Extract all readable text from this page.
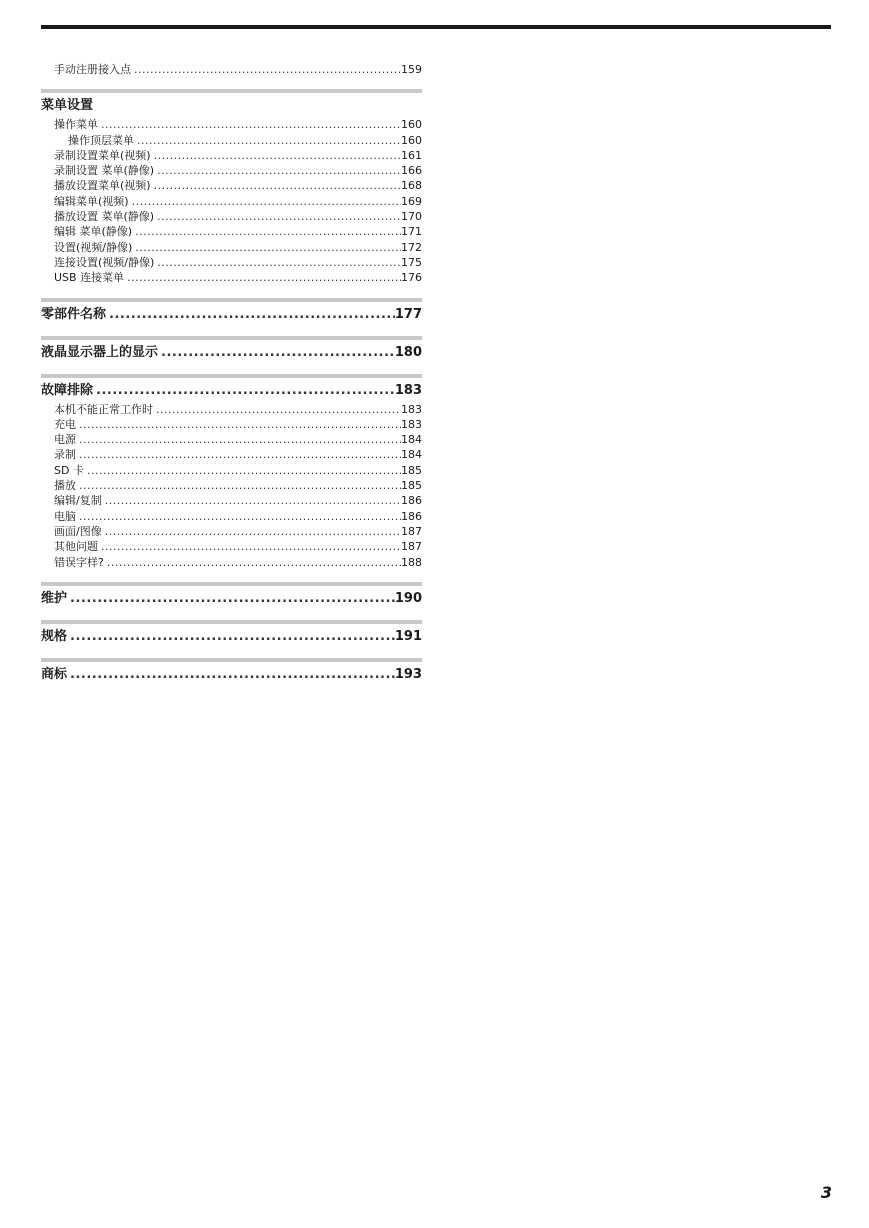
手动注册接入点 .....	159
菜单设置
操作菜单 .....	160
操作顶层菜单 .....	160
录制设置菜单(视频) .....	161
录制设置 菜单(静像) .....	166
播放设置菜单(视频) .....	168
编辑菜单(视频) .....	169
播放设置 菜单(静像) .....	170
编辑 菜单(静像) .....	171
设置(视频/静像) .....	172
连接设置(视频/静像) .....	175
USB 连接菜单 .....	176
零部件名称 .....	177
液晶显示器上的显示 .....	180
故障排除 .....	183
本机不能正常工作时 .....	183
充电 .....	183
电源 .....	184
录制 .....	184
SD 卡 .....	185
播放 .....	185
编辑/复制 .....	186
电脑 .....	186
画面/图像 .....	187
其他问题 .....	187
错误字样? .....	188
维护 .....	190
规格 .....	191
商标 .....	193
3
